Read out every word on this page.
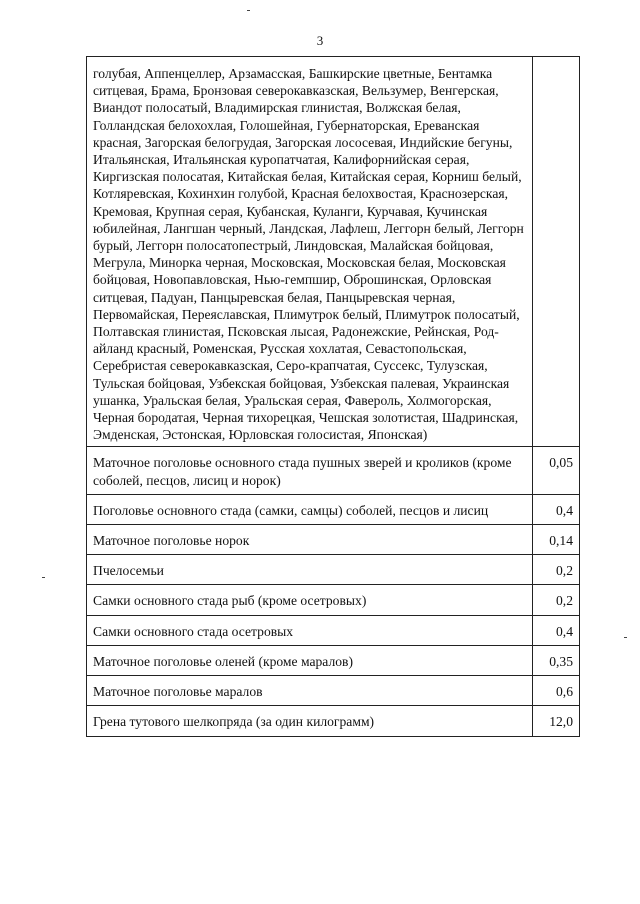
3
голубая, Аппенцеллер, Арзамасская, Башкирские цветные, Бентамка ситцевая, Брама, Бронзовая северокавказская, Вельзумер, Венгерская, Виандот полосатый, Владимирская глинистая, Волжская белая, Голландская белохохлая, Голошейная, Губернаторская, Ереванская красная, Загорская белогрудая, Загорская лососевая, Индийские бегуны, Итальянская, Итальянская куропатчатая, Калифорнийская серая, Киргизская полосатая, Китайская белая, Китайская серая, Корниш белый, Котляревская, Кохинхин голубой, Красная белохвостая, Краснозерская, Кремовая, Крупная серая, Кубанская, Куланги, Курчавая, Кучинская юбилейная, Лангшан черный, Ландская, Лафлеш, Леггорн белый, Леггорн бурый, Леггорн полосатопестрый, Линдовская, Малайская бойцовая, Мегрула, Минорка черная, Московская, Московская белая, Московская бойцовая, Новопавловская, Нью-гемпшир, Оброшинская, Орловская ситцевая, Падуан, Панцыревская белая, Панцыревская черная, Первомайская, Переяславская, Плимутрок белый, Плимутрок полосатый, Полтавская глинистая, Псковская лысая, Радонежские, Рейнская, Род-айланд красный, Роменская, Русская хохлатая, Севастопольская, Серебристая северокавказская, Серо-крапчатая, Суссекс, Тулузская, Тульская бойцовая, Узбекская бойцовая, Узбекская палевая, Украинская ушанка, Уральская белая, Уральская серая, Фавероль, Холмогорская, Черная бородатая, Черная тихорецкая, Чешская золотистая, Шадринская, Эмденская, Эстонская, Юрловская голосистая, Японская)	

Маточное поголовье основного стада пушных зверей и кроликов (кроме соболей, песцов, лисиц и норок)	0,05

Поголовье основного стада (самки, самцы) соболей, песцов и лисиц	0,4

Маточное поголовье норок	0,14

Пчелосемьи	0,2

Самки основного стада рыб (кроме осетровых)	0,2

Самки основного стада осетровых	0,4

Маточное поголовье оленей (кроме маралов)	0,35

Маточное поголовье маралов	0,6

Грена тутового шелкопряда (за один килограмм)	12,0
